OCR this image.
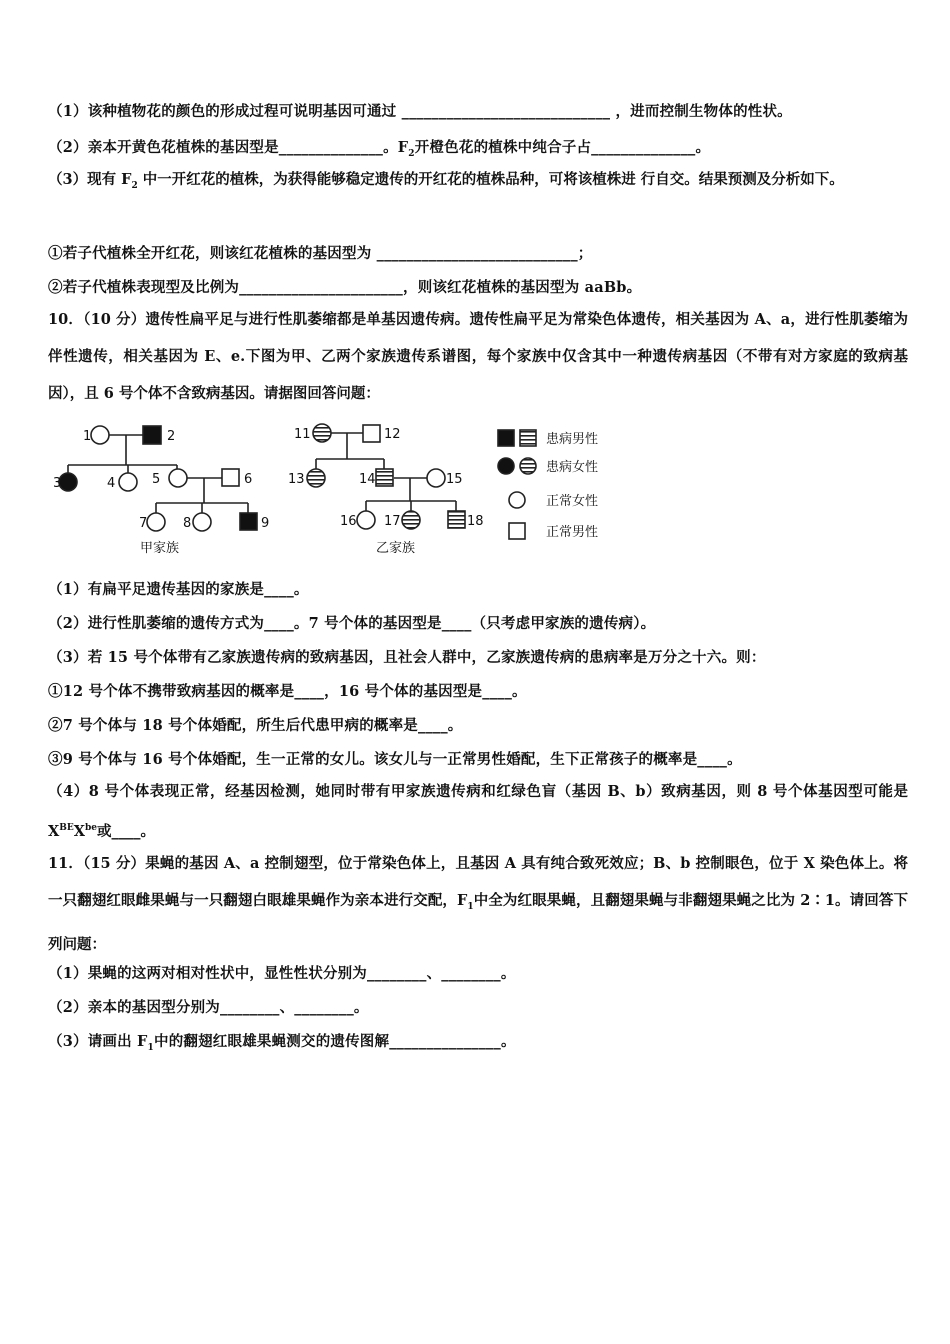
（1）该种植物花的颜色的形成过程可说明基因可通过 ____________________________ ，进而控制生物体的性状。
（2）亲本开黄色花植株的基因型是______________。$F_2$开橙色花的植株中纯合子占______________。
（3）现有 $F_2$ 中一开红花的植株，为获得能够稳定遗传的开红花的植株品种，可将该植株进 行自交。结果预测及分析如下。
①若子代植株全开红花，则该红花植株的基因型为 ___________________________；
②若子代植株表现型及比例为______________________，则该红花植株的基因型为 aaBb。
10．（10 分）遗传性扁平足与进行性肌萎缩都是单基因遗传病。遗传性扁平足为常染色体遗传，相关基因为 A、a，进行性肌萎缩为伴性遗传，相关基因为 E、e.下图为甲、乙两个家族遗传系谱图，每个家族中仅含其中一种遗传病基因（不带有对方家庭的致病基因），且 6 号个体不含致病基因。请据图回答问题：
1	2
3	4	5	6
7	8	9
11	12
13	14	15
16 17	18
甲家族	乙家族
患病男性
患病女性
正常女性
正常男性
（1）有扁平足遗传基因的家族是____。
（2）进行性肌萎缩的遗传方式为____。7 号个体的基因型是____（只考虑甲家族的遗传病）。
（3）若 15 号个体带有乙家族遗传病的致病基因，且社会人群中，乙家族遗传病的患病率是万分之十六。则：
①12 号个体不携带致病基因的概率是____，16 号个体的基因型是____。
②7 号个体与 18 号个体婚配，所生后代患甲病的概率是____。
③9 号个体与 16 号个体婚配，生一正常的女儿。该女儿与一正常男性婚配，生下正常孩子的概率是____。
（4）8 号个体表现正常，经基因检测，她同时带有甲家族遗传病和红绿色盲（基因 B、b）致病基因，则 8 号个体基因型可能是 $X^{BE}X^{be}$或____。
11．（15 分）果蝇的基因 A、a 控制翅型，位于常染色体上，且基因 A 具有纯合致死效应；B、b 控制眼色，位于 X 染色体上。将一只翻翅红眼雌果蝇与一只翻翅白眼雄果蝇作为亲本进行交配，$F_1$中全为红眼果蝇，且翻翅果蝇与非翻翅果蝇之比为 2∶1。请回答下列问题：
（1）果蝇的这两对相对性状中，显性性状分别为________、________。
（2）亲本的基因型分别为________、________。
（3）请画出 $F_1$中的翻翅红眼雄果蝇测交的遗传图解_______________。
